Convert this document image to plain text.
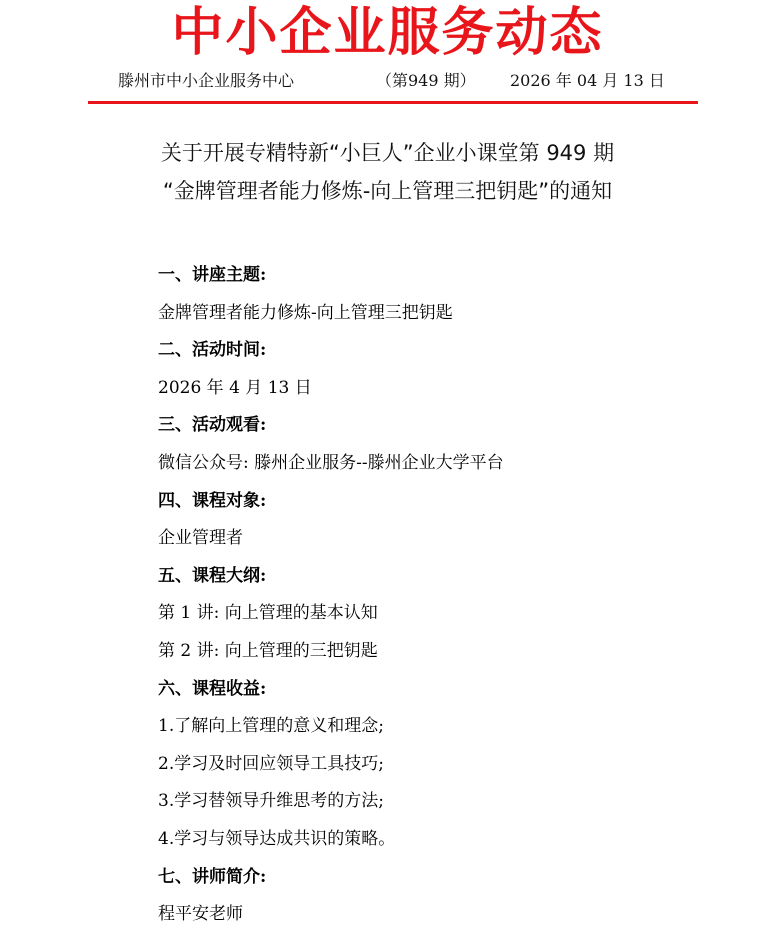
中小企业服务动态
滕州市中小企业服务中心	（第949 期） 2026 年 04 月 13 日
关于开展专精特新“小巨人”企业小课堂第 949 期
“金牌管理者能力修炼-向上管理三把钥匙”的通知
一、讲座主题:
金牌管理者能力修炼-向上管理三把钥匙
二、活动时间:
2026 年 4 月 13 日
三、活动观看:
微信公众号: 滕州企业服务--滕州企业大学平台
四、课程对象:
企业管理者
五、课程大纲:
第 1 讲: 向上管理的基本认知
第 2 讲: 向上管理的三把钥匙
六、课程收益:
1.了解向上管理的意义和理念;
2.学习及时回应领导工具技巧;
3.学习替领导升维思考的方法;
4.学习与领导达成共识的策略。
七、讲师简介:
程平安老师
